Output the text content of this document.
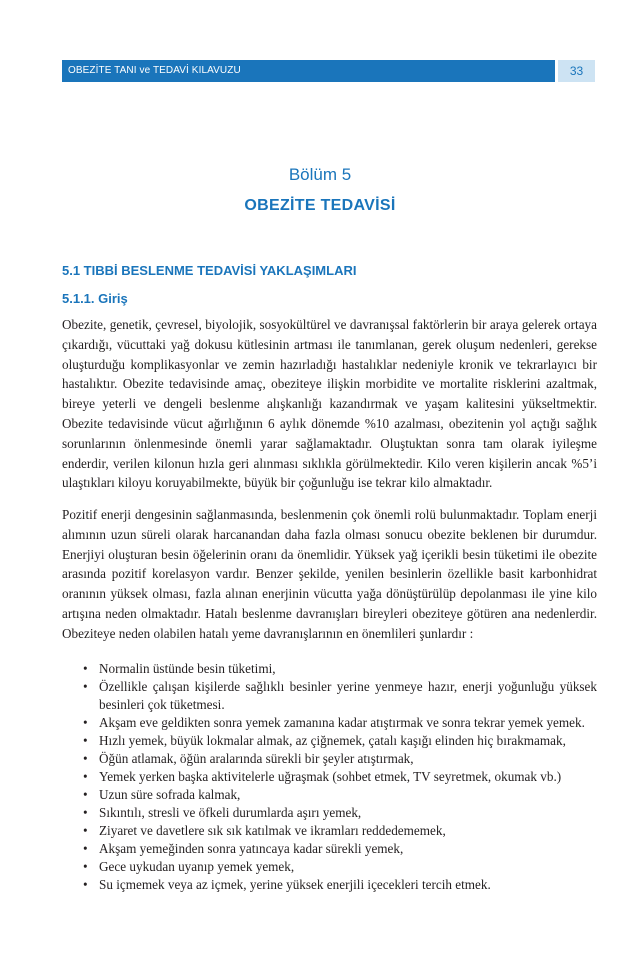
OBEZİTE TANI ve TEDAVİ KILAVUZU	33
Bölüm 5
OBEZİTE TEDAVİSİ
5.1 TIBBİ BESLENME TEDAVİSİ YAKLAŞIMLARI
5.1.1. Giriş

Obezite, genetik, çevresel, biyolojik, sosyokültürel ve davranışsal faktörlerin bir araya gelerek ortaya çıkardığı, vücuttaki yağ dokusu kütlesinin artması ile tanımlanan, gerek oluşum nedenleri, gerekse oluşturduğu komplikasyonlar ve zemin hazırladığı hastalıklar nedeniyle kronik ve tekrarlayıcı bir hastalıktır. Obezite tedavisinde amaç, obeziteye ilişkin morbidite ve mortalite risklerini azaltmak, bireye yeterli ve dengeli beslenme alışkanlığı kazandırmak ve yaşam kalitesini yükseltmektir. Obezite tedavisinde vücut ağırlığının 6 aylık dönemde %10 azalması, obezitenin yol açtığı sağlık sorunlarının önlenmesinde önemli yarar sağlamaktadır. Oluştuktan sonra tam olarak iyileşme enderdir, verilen kilonun hızla geri alınması sıklıkla görülmektedir. Kilo veren kişilerin ancak %5’i ulaştıkları kiloyu koruyabilmekte, büyük bir çoğunluğu ise tekrar kilo almaktadır.

Pozitif enerji dengesinin sağlanmasında, beslenmenin çok önemli rolü bulunmaktadır. Toplam enerji alımının uzun süreli olarak harcanandan daha fazla olması sonucu obezite beklenen bir durumdur. Enerjiyi oluşturan besin öğelerinin oranı da önemlidir. Yüksek yağ içerikli besin tüketimi ile obezite arasında pozitif korelasyon vardır. Benzer şekilde, yenilen besinlerin özellikle basit karbonhidrat oranının yüksek olması, fazla alınan enerjinin vücutta yağa dönüştürülüp depolanması ile yine kilo artışına neden olmaktadır. Hatalı beslenme davranışları bireyleri obeziteye götüren ana nedenlerdir. Obeziteye neden olabilen hatalı yeme davranışlarının en önemlileri şunlardır :

• Normalin üstünde besin tüketimi,
• Özellikle çalışan kişilerde sağlıklı besinler yerine yenmeye hazır, enerji yoğunluğu yüksek besinleri çok tüketmesi.
• Akşam eve geldikten sonra yemek zamanına kadar atıştırmak ve sonra tekrar yemek yemek.
• Hızlı yemek, büyük lokmalar almak, az çiğnemek, çatalı kaşığı elinden hiç bırakmamak,
• Öğün atlamak, öğün aralarında sürekli bir şeyler atıştırmak,
• Yemek yerken başka aktivitelerle uğraşmak (sohbet etmek, TV seyretmek, okumak vb.)
• Uzun süre sofrada kalmak,
• Sıkıntılı, stresli ve öfkeli durumlarda aşırı yemek,
• Ziyaret ve davetlere sık sık katılmak ve ikramları reddedememek,
• Akşam yemeğinden sonra yatıncaya kadar sürekli yemek,
• Gece uykudan uyanıp yemek yemek,
• Su içmemek veya az içmek, yerine yüksek enerjili içecekleri tercih etmek.
